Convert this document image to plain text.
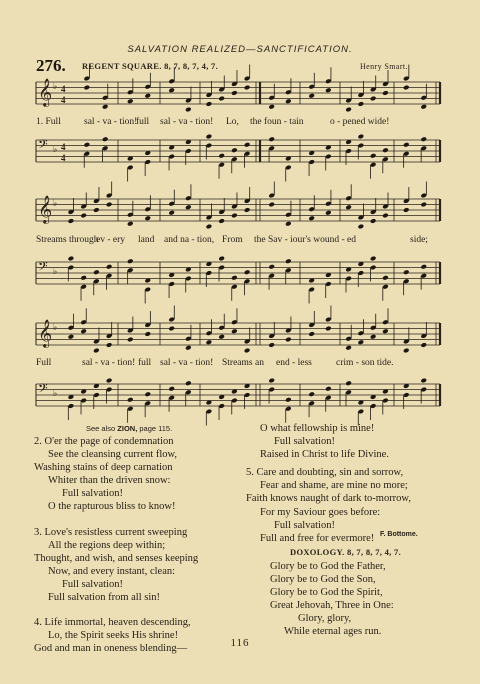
SALVATION REALIZED—SANCTIFICATION.
276. REGENT SQUARE. 8, 7, 8, 7, 4, 7.	Henry Smart.
𝄞 ♭ 4
4
𝄢 ♭ 4
4
𝄞 ♭
𝄢 ♭
𝄞 ♭
𝄢 ♭
1. Full sal - va - tion!
full sal - va - tion! Lo, the foun - tain	o - pened wide!
Streams through
ev - ery land and na - tion, From the Sav - iour's wound - ed	side;
Full	sal - va - tion! full sal - va - tion! Streams an end - less	crim - son tide.
See also ZION, page 115.
2. O'er the page of condemnation
See the cleansing current flow,
Washing stains of deep carnation
Whiter than the driven snow:
Full salvation!
O the rapturous bliss to know!
3. Love's resistless current sweeping
All the regions deep within;
Thought, and wish, and senses keeping
Now, and every instant, clean:
Full salvation!
Full salvation from all sin!
4. Life immortal, heaven descending,
Lo, the Spirit seeks His shrine!
God and man in oneness blending—
O what fellowship is mine!
Full salvation!
Raised in Christ to life Divine.
5. Care and doubting, sin and sorrow,
Fear and shame, are mine no more;
Faith knows naught of dark to-morrow,
For my Saviour goes before:
Full salvation!
Full and free for evermore! F. Bottome.
DOXOLOGY. 8, 7, 8, 7, 4, 7.
Glory be to God the Father,
Glory be to God the Son,
Glory be to God the Spirit,
Great Jehovah, Three in One:
Glory, glory,
While eternal ages run.
116
